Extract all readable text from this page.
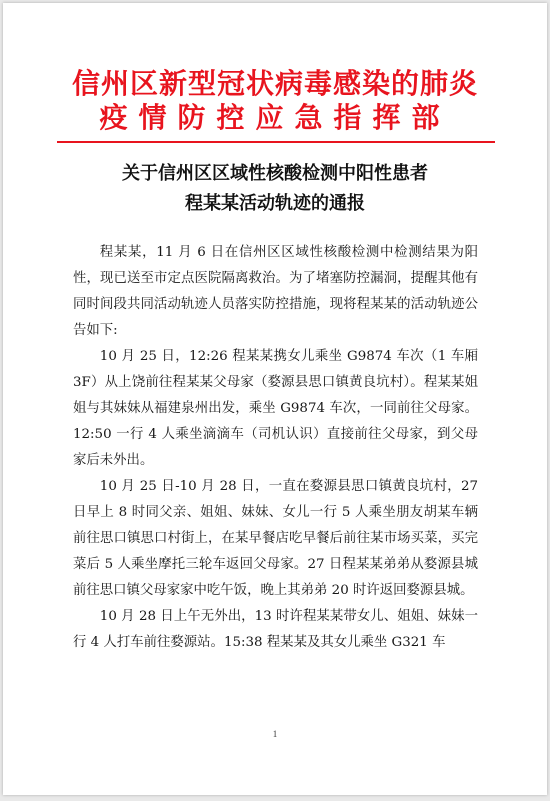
信州区新型冠状病毒感染的肺炎
疫情防控应急指挥部
关于信州区区域性核酸检测中阳性患者
程某某活动轨迹的通报

程某某，11 月 6 日在信州区区域性核酸检测中检测结果为阳性，现已送至市定点医院隔离救治。为了堵塞防控漏洞，提醒其他有同时间段共同活动轨迹人员落实防控措施，现将程某某的活动轨迹公告如下:

10 月 25 日，12:26 程某某携女儿乘坐 G9874 车次（1 车厢 3F）从上饶前往程某某父母家（婺源县思口镇黄良坑村）。程某某姐姐与其妹妹从福建泉州出发，乘坐 G9874 车次，一同前往父母家。12:50 一行 4 人乘坐滴滴车（司机认识）直接前往父母家，到父母家后未外出。

10 月 25 日-10 月 28 日，一直在婺源县思口镇黄良坑村，27 日早上 8 时同父亲、姐姐、妹妹、女儿一行 5 人乘坐朋友胡某车辆前往思口镇思口村街上，在某早餐店吃早餐后前往某市场买菜，买完菜后 5 人乘坐摩托三轮车返回父母家。27 日程某某弟弟从婺源县城前往思口镇父母家家中吃午饭，晚上其弟弟 20 时许返回婺源县城。

10 月 28 日上午无外出，13 时许程某某带女儿、姐姐、妹妹一行 4 人打车前往婺源站。15:38 程某某及其女儿乘坐 G321 车

1
